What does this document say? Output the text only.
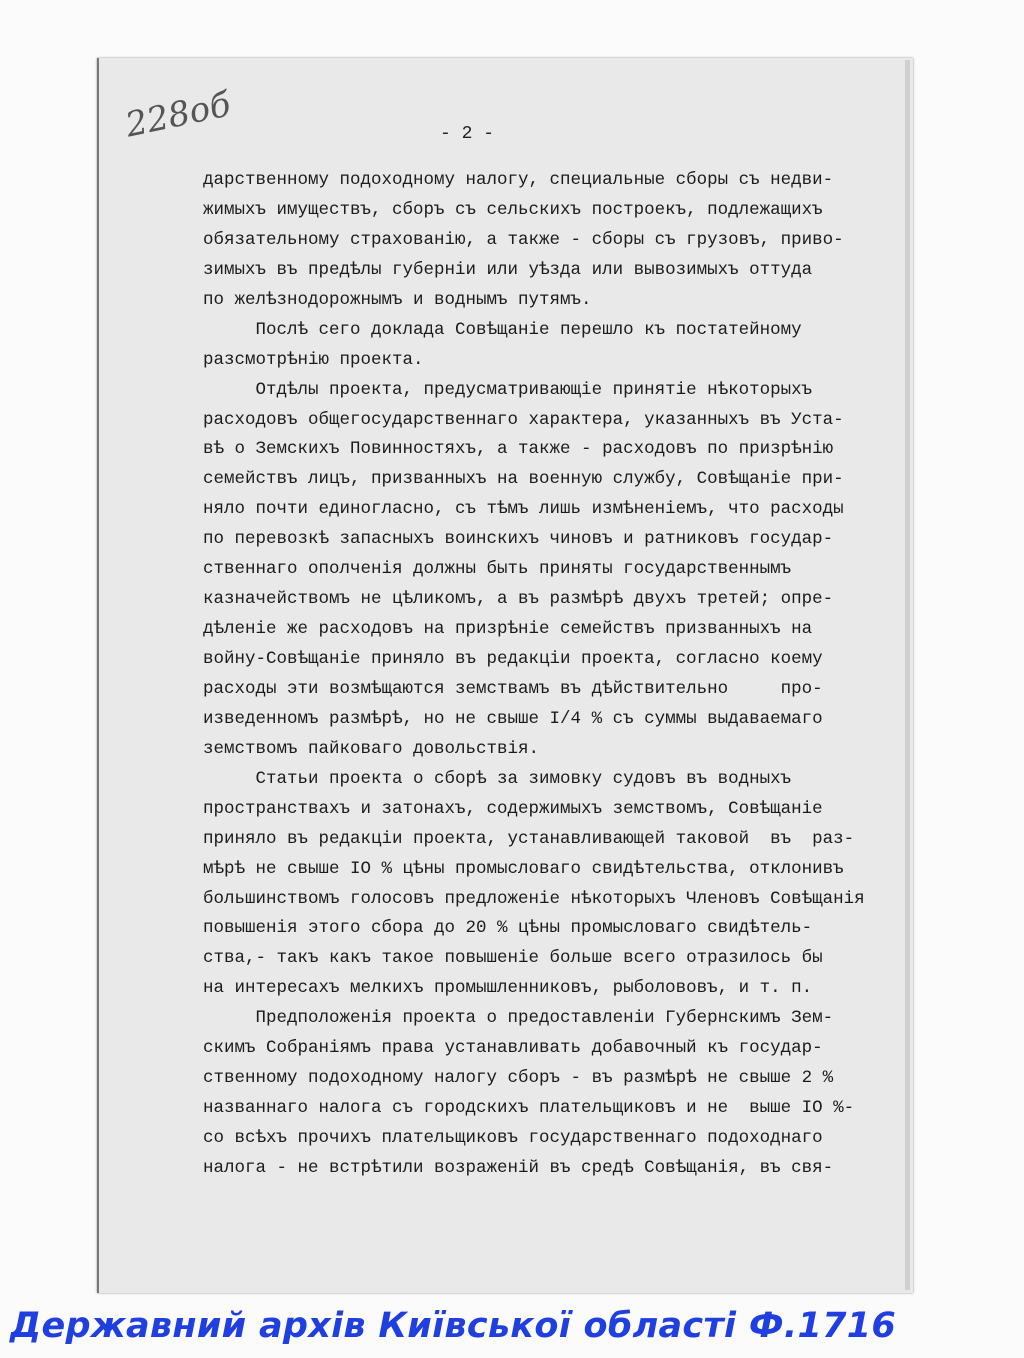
228об	- 2 -
дарственному подоходному налогу, специальные сборы съ недви-
жимыхъ имуществъ, сборъ съ сельскихъ построекъ, подлежащихъ
обязательному страхованію, а также - сборы съ грузовъ, приво-
зимыхъ въ предѣлы губерніи или уѣзда или вывозимыхъ оттуда
по желѣзнодорожнымъ и воднымъ путямъ.
Послѣ сего доклада Совѣщаніе перешло къ постатейному
разсмотрѣнію проекта.
Отдѣлы проекта, предусматривающіе принятіе нѣкоторыхъ
расходовъ общегосударственнаго характера, указанныхъ въ Уста-
вѣ о Земскихъ Повинностяхъ, а также - расходовъ по призрѣнію
семействъ лицъ, призванныхъ на военную службу, Совѣщаніе при-
няло почти единогласно, съ тѣмъ лишь измѣненіемъ, что расходы
по перевозкѣ запасныхъ воинскихъ чиновъ и ратниковъ государ-
ственнаго ополченія должны быть приняты государственнымъ
казначействомъ не цѣликомъ, а въ размѣрѣ двухъ третей; опре-
дѣленіе же расходовъ на призрѣніе семействъ призванныхъ на
войну-Совѣщаніе приняло въ редакціи проекта, согласно коему
расходы эти возмѣщаются земствамъ въ дѣйствительно     про-
изведенномъ размѣрѣ, но не свыше I/4 % съ суммы выдаваемаго
земствомъ пайковаго довольствія.
Статьи проекта о сборѣ за зимовку судовъ въ водныхъ
пространствахъ и затонахъ, содержимыхъ земствомъ, Совѣщаніе
приняло въ редакціи проекта, устанавливающей таковой  въ  раз-
мѣрѣ не свыше IO % цѣны промысловаго свидѣтельства, отклонивъ
большинствомъ голосовъ предложеніе нѣкоторыхъ Членовъ Совѣщанія
повышенія этого сбора до 20 % цѣны промысловаго свидѣтель-
ства,- такъ какъ такое повышеніе больше всего отразилось бы
на интересахъ мелкихъ промышленниковъ, рыболововъ, и т. п.
Предположенія проекта о предоставленіи Губернскимъ Зем-
скимъ Собраніямъ права устанавливать добавочный къ государ-
ственному подоходному налогу сборъ - въ размѣрѣ не свыше 2 %
названнаго налога съ городскихъ плательщиковъ и не  выше IO %-
со всѣхъ прочихъ плательщиковъ государственнаго подоходнаго
налога - не встрѣтили возраженій въ средѣ Совѣщанія, въ свя-
Державний архів Київської області Ф.1716
